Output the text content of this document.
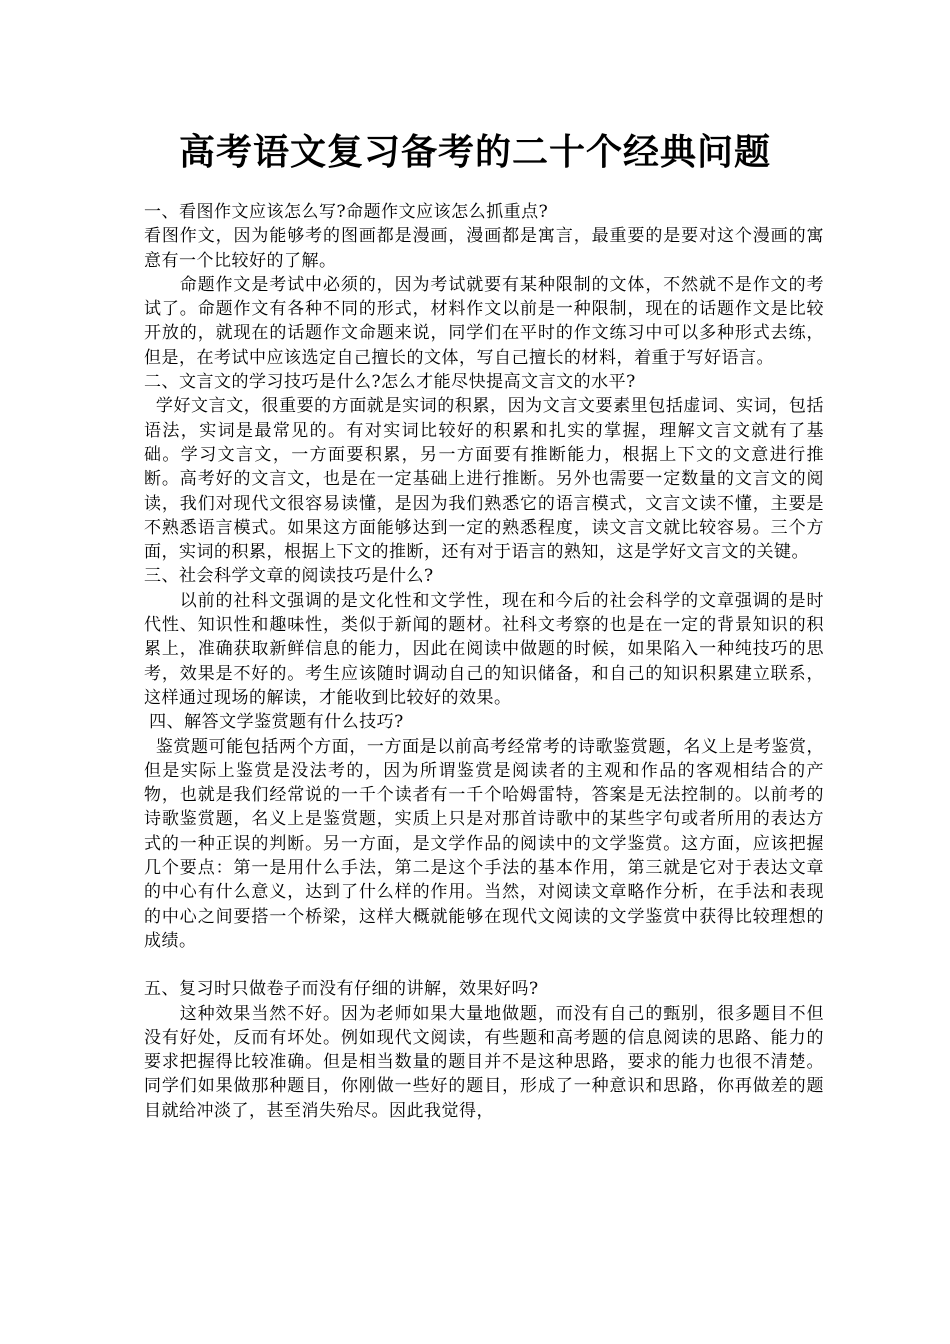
高考语文复习备考的二十个经典问题

一、看图作文应该怎么写?命题作文应该怎么抓重点?

看图作文，因为能够考的图画都是漫画，漫画都是寓言，最重要的是要对这个漫画的寓意有一个比较好的了解。

命题作文是考试中必须的，因为考试就要有某种限制的文体，不然就不是作文的考试了。命题作文有各种不同的形式，材料作文以前是一种限制，现在的话题作文是比较开放的，就现在的话题作文命题来说，同学们在平时的作文练习中可以多种形式去练，但是，在考试中应该选定自己擅长的文体，写自己擅长的材料，着重于写好语言。

二、文言文的学习技巧是什么?怎么才能尽快提高文言文的水平?

学好文言文，很重要的方面就是实词的积累，因为文言文要素里包括虚词、实词，包括语法，实词是最常见的。有对实词比较好的积累和扎实的掌握，理解文言文就有了基础。学习文言文，一方面要积累，另一方面要有推断能力，根据上下文的文意进行推断。高考好的文言文，也是在一定基础上进行推断。另外也需要一定数量的文言文的阅读，我们对现代文很容易读懂，是因为我们熟悉它的语言模式，文言文读不懂，主要是不熟悉语言模式。如果这方面能够达到一定的熟悉程度，读文言文就比较容易。三个方面，实词的积累，根据上下文的推断，还有对于语言的熟知，这是学好文言文的关键。

三、社会科学文章的阅读技巧是什么?

以前的社科文强调的是文化性和文学性，现在和今后的社会科学的文章强调的是时代性、知识性和趣味性，类似于新闻的题材。社科文考察的也是在一定的背景知识的积累上，准确获取新鲜信息的能力，因此在阅读中做题的时候，如果陷入一种纯技巧的思考，效果是不好的。考生应该随时调动自己的知识储备，和自己的知识积累建立联系，这样通过现场的解读，才能收到比较好的效果。

四、解答文学鉴赏题有什么技巧?

鉴赏题可能包括两个方面，一方面是以前高考经常考的诗歌鉴赏题，名义上是考鉴赏，但是实际上鉴赏是没法考的，因为所谓鉴赏是阅读者的主观和作品的客观相结合的产物，也就是我们经常说的一千个读者有一千个哈姆雷特，答案是无法控制的。以前考的诗歌鉴赏题，名义上是鉴赏题，实质上只是对那首诗歌中的某些字句或者所用的表达方式的一种正误的判断。另一方面，是文学作品的阅读中的文学鉴赏。这方面，应该把握几个要点：第一是用什么手法，第二是这个手法的基本作用，第三就是它对于表达文章的中心有什么意义，达到了什么样的作用。当然，对阅读文章略作分析，在手法和表现的中心之间要搭一个桥梁，这样大概就能够在现代文阅读的文学鉴赏中获得比较理想的成绩。

五、复习时只做卷子而没有仔细的讲解，效果好吗?

这种效果当然不好。因为老师如果大量地做题，而没有自己的甄别，很多题目不但没有好处，反而有坏处。例如现代文阅读，有些题和高考题的信息阅读的思路、能力的要求把握得比较准确。但是相当数量的题目并不是这种思路，要求的能力也很不清楚。同学们如果做那种题目，你刚做一些好的题目，形成了一种意识和思路，你再做差的题目就给冲淡了，甚至消失殆尽。因此我觉得，
